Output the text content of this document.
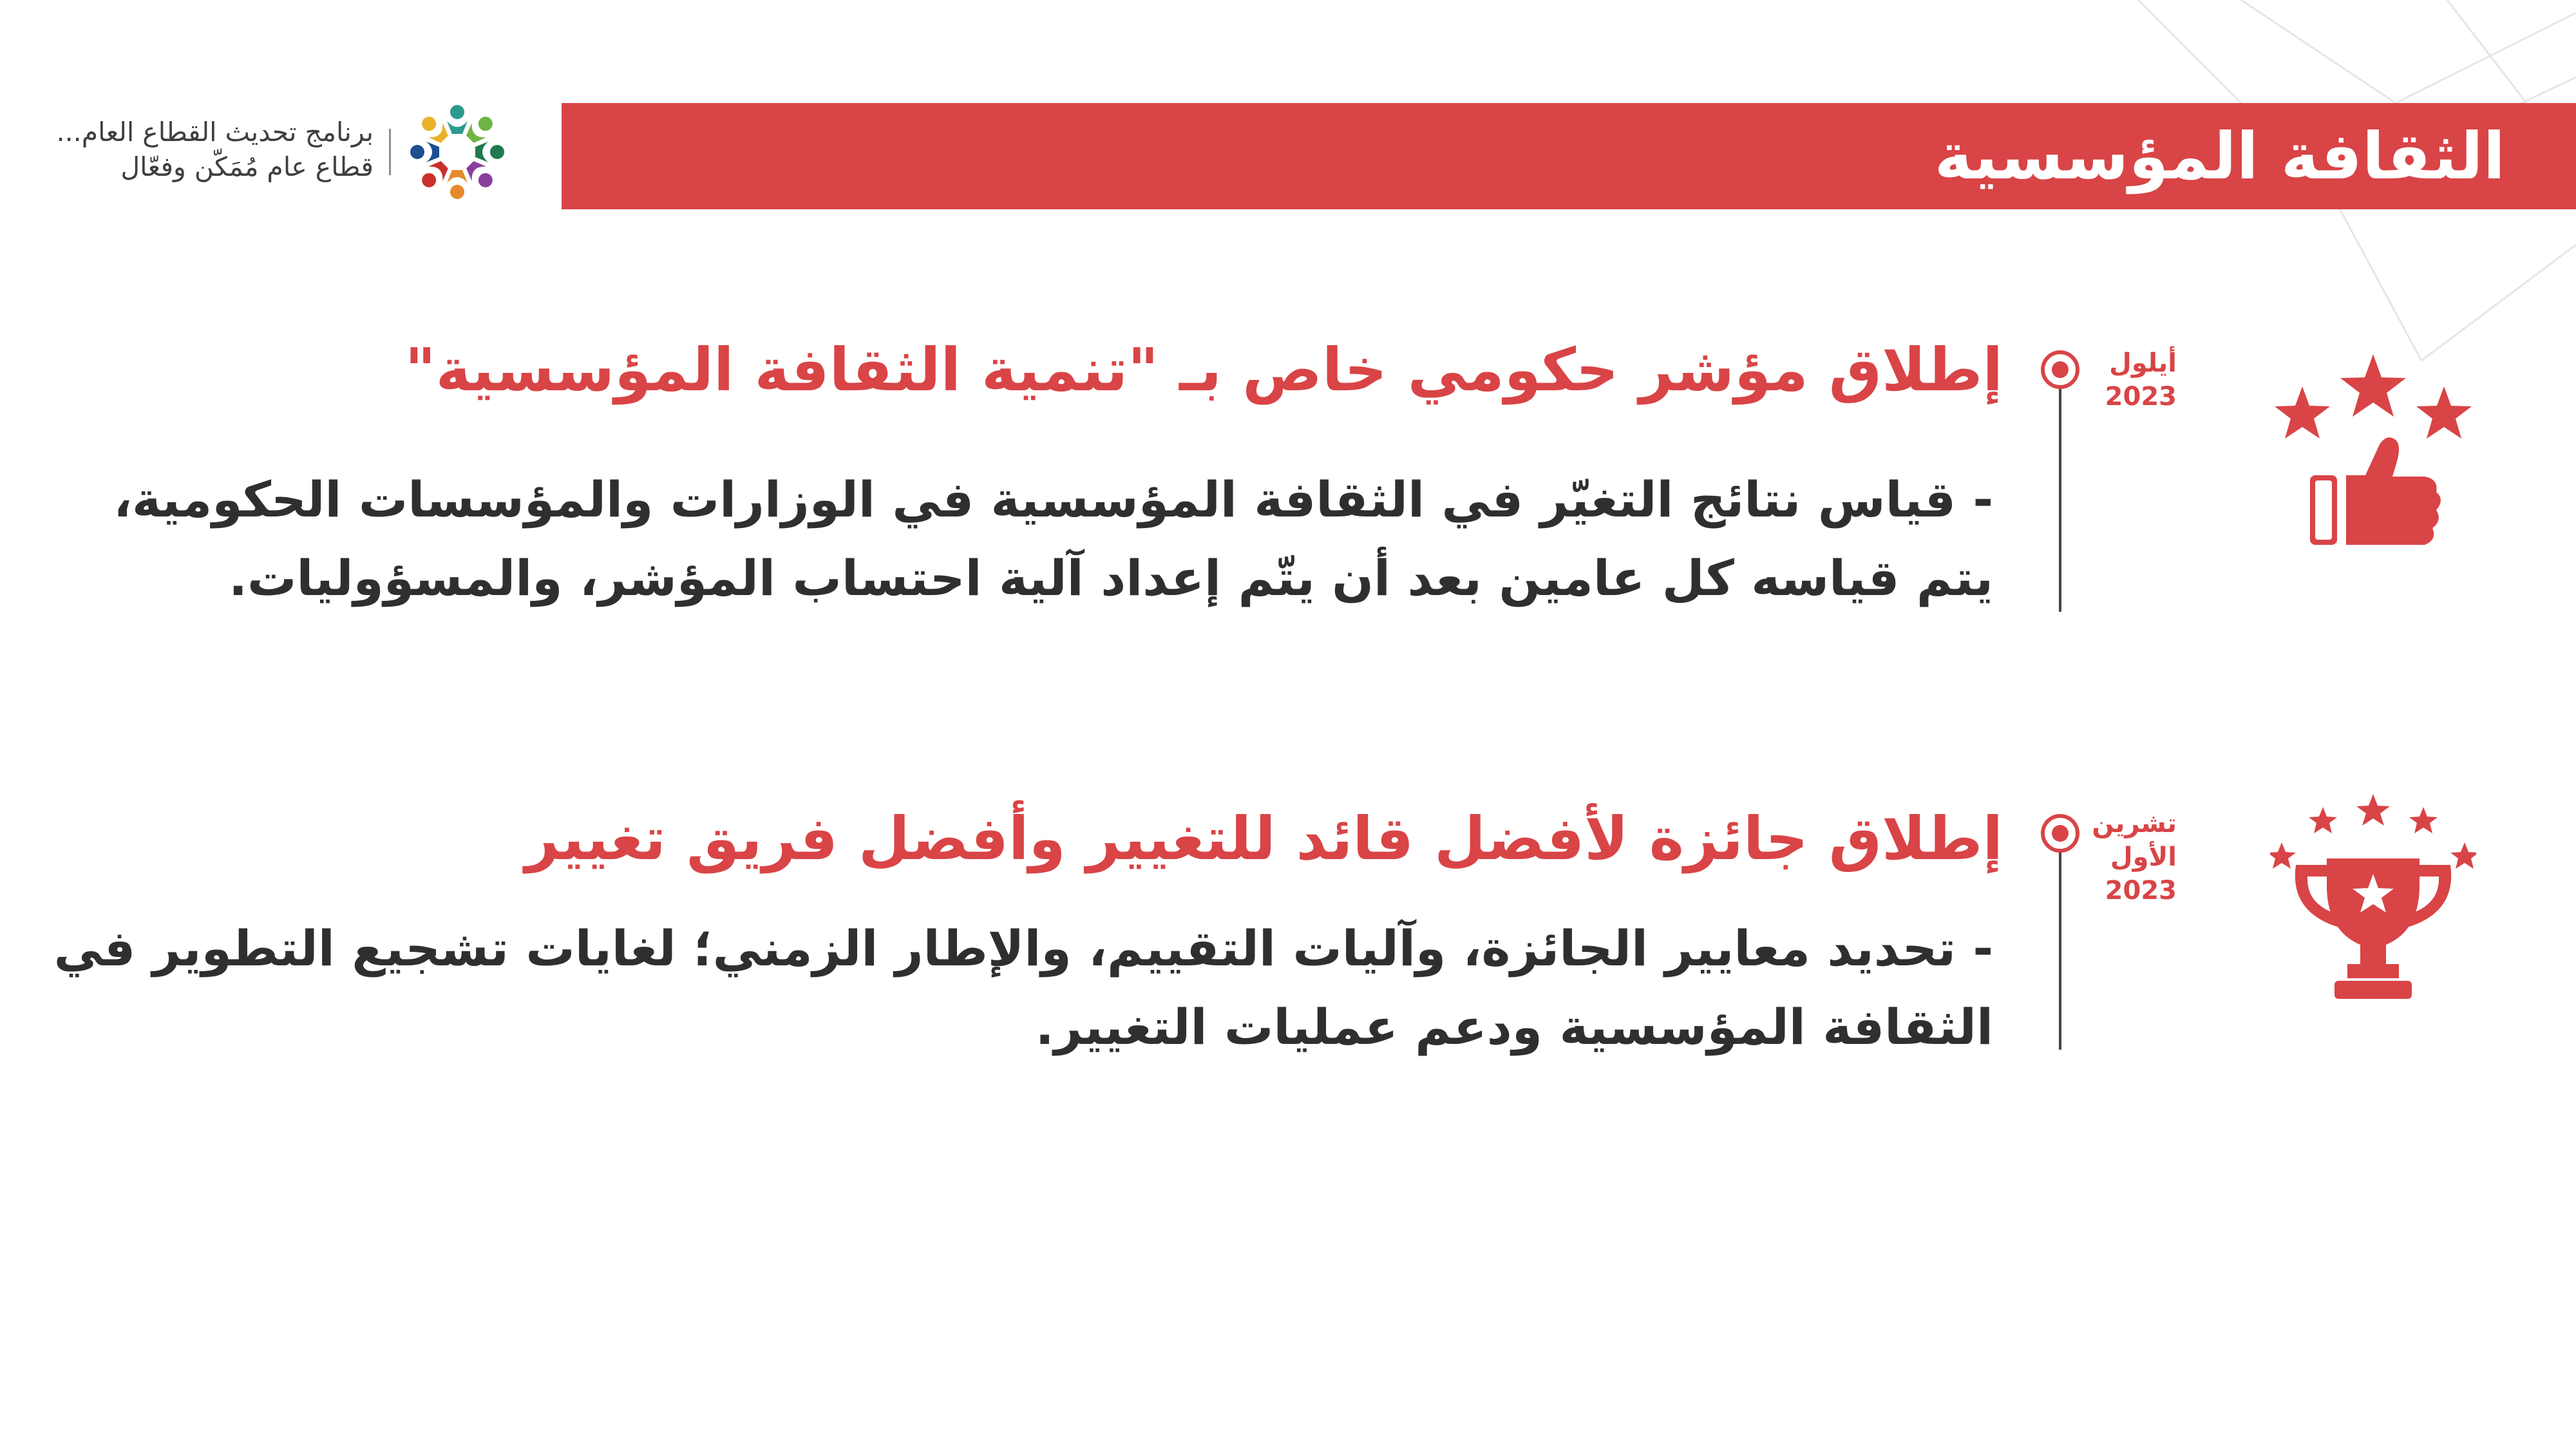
الثقافة المؤسسية
برنامج تحديث القطاع العام...
قطاع عام مُمَكّن وفعّال
أيلول
2023
إطلاق مؤشر حكومي خاص بـ "تنمية الثقافة المؤسسية"

- قياس نتائج التغيّر في الثقافة المؤسسية في الوزارات والمؤسسات الحكومية، يتم قياسه كل عامين بعد أن يتّم إعداد آلية احتساب المؤشر، والمسؤوليات.

تشرين
الأول
2023
إطلاق جائزة لأفضل قائد للتغيير وأفضل فريق تغيير

- تحديد معايير الجائزة، وآليات التقييم، والإطار الزمني؛ لغايات تشجيع التطوير في الثقافة المؤسسية ودعم عمليات التغيير.
